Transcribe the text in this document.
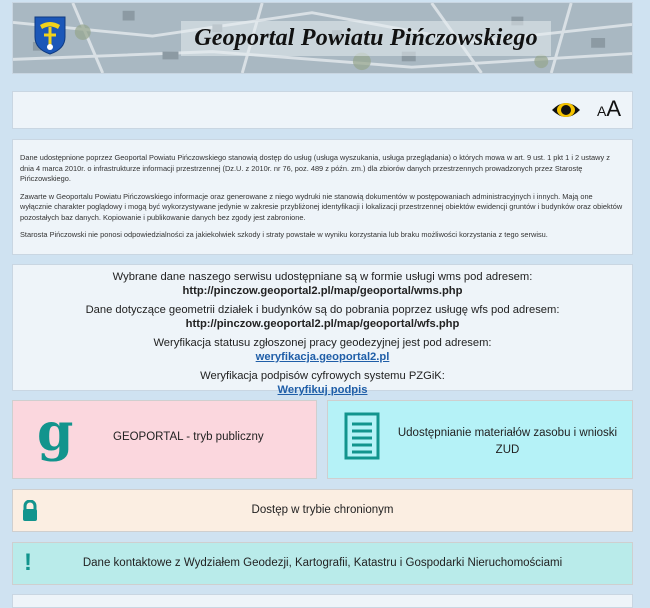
Geoportal Powiatu Pińczowskiego
AA

Dane udostępnione poprzez Geoportal Powiatu Pińczowskiego stanowią dostęp do usług (usługa wyszukania, usługa przeglądania) o których mowa w art. 9 ust. 1 pkt 1 i 2 ustawy z dnia 4 marca 2010r. o infrastrukturze informacji przestrzennej (Dz.U. z 2010r. nr 76, poz. 489 z późn. zm.) dla zbiorów danych przestrzennych prowadzonych przez Starostę Pińczowskiego.

Zawarte w Geoportalu Powiatu Pińczowskiego informacje oraz generowane z niego wydruki nie stanowią dokumentów w postępowaniach administracyjnych i innych. Mają one wyłącznie charakter poglądowy i mogą być wykorzystywane jedynie w zakresie przybliżonej identyfikacji i lokalizacji przestrzennej obiektów ewidencji gruntów i budynków oraz obiektów pozostałych baz danych. Kopiowanie i publikowanie danych bez zgody jest zabronione.

Starosta Pińczowski nie ponosi odpowiedzialności za jakiekolwiek szkody i straty powstałe w wyniku korzystania lub braku możliwości korzystania z tego serwisu.

Wybrane dane naszego serwisu udostępniane są w formie usługi wms pod adresem:
http://pinczow.geoportal2.pl/map/geoportal/wms.php
Dane dotyczące geometrii działek i budynków są do pobrania poprzez usługę wfs pod adresem:
http://pinczow.geoportal2.pl/map/geoportal/wfs.php
Weryfikacja statusu zgłoszonej pracy geodezyjnej jest pod adresem:
weryfikacja.geoportal2.pl
Weryfikacja podpisów cyfrowych systemu PZGiK:
Weryfikuj podpis
g	GEOPORTAL - tryb publiczny	Udostępnianie materiałów zasobu i wnioski ZUD
Dostęp w trybie chronionym
!	Dane kontaktowe z Wydziałem Geodezji, Kartografii, Katastru i Gospodarki Nieruchomościami
